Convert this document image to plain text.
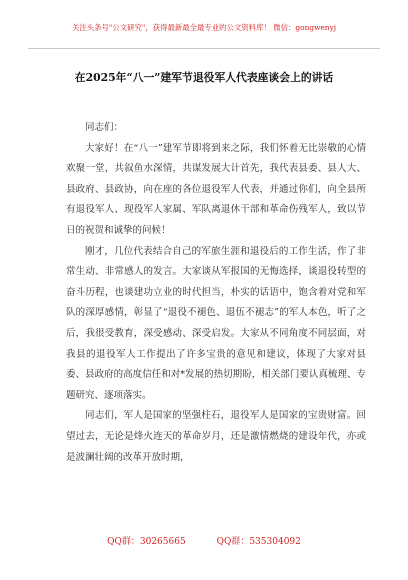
关注头条号"公文研究"，获得最新最全最专业的公文资料库！ 微信：gongwenyj
在2025年“八一”建军节退役军人代表座谈会上的讲话

同志们：

大家好！在“八一”建军节即将到来之际，我们怀着无比崇敬的心情欢聚一堂，共叙鱼水深情，共谋发展大计首先，我代表县委、县人大、县政府、县政协，向在座的各位退役军人代表，并通过你们，向全县所有退役军人、现役军人家属、军队离退休干部和革命伤残军人，致以节日的祝贺和诚挚的问候！

刚才，几位代表结合自己的军旅生涯和退役后的工作生活，作了非常生动、非常感人的发言。大家谈从军报国的无悔选择，谈退役转型的奋斗历程，也谈建功立业的时代担当，朴实的话语中，饱含着对党和军队的深厚感情，彰显了“退役不褪色、退伍不褪志”的军人本色，听了之后，我很受教育，深受感动、深受启发。大家从不同角度不同层面，对我县的退役军人工作提出了许多宝贵的意见和建议，体现了大家对县委、县政府的高度信任和对*发展的热切期盼，相关部门要认真梳理、专题研究、逐项落实。

同志们，军人是国家的坚强柱石，退役军人是国家的宝贵财富。回望过去，无论是烽火连天的革命岁月，还是激情燃烧的建设年代，亦或是波澜壮阔的改革开放时期，

QQ群：30265665	QQ群：535304092
